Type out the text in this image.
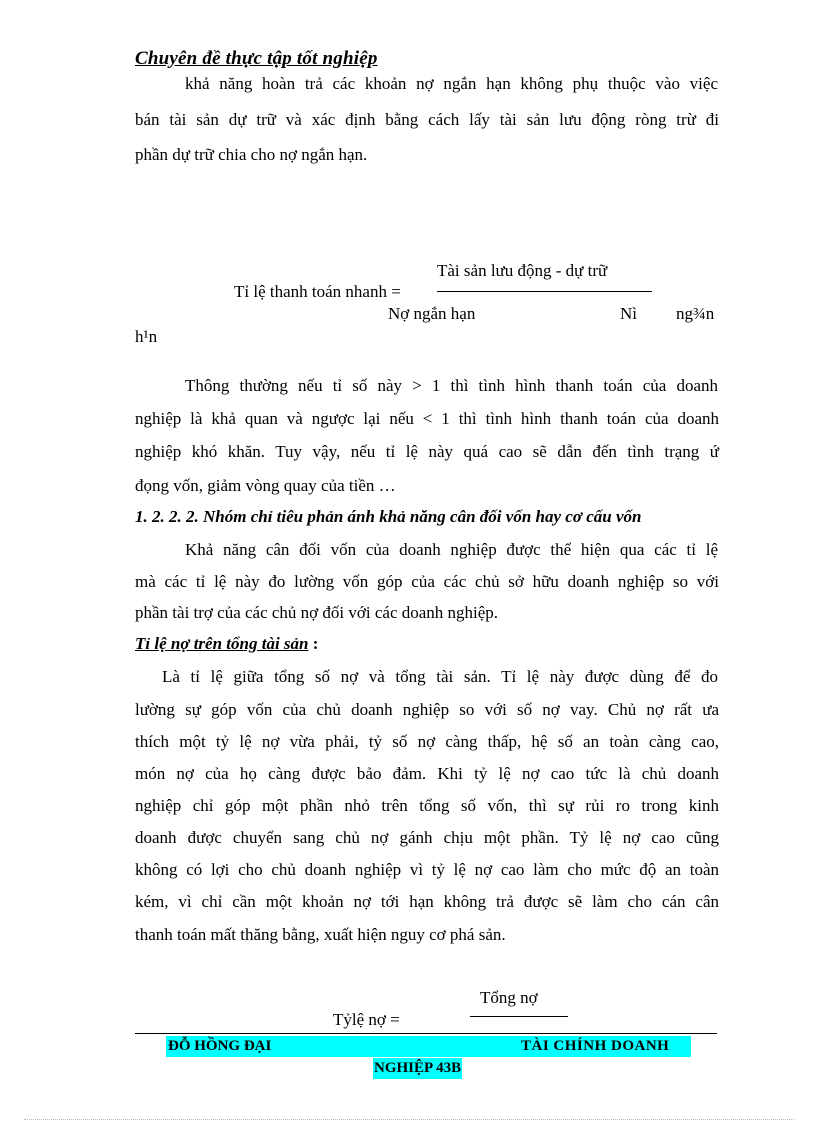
Chuyên đề thực tập tốt nghiệp
khả năng hoàn trả các khoản nợ ngắn hạn không phụ thuộc vào việc
bán tài sản dự trữ và xác định bằng cách lấy tài sản lưu động ròng trừ đi
phần dự trữ chia cho nợ ngắn hạn.
Tài sản lưu động - dự trữ
Tỉ lệ thanh toán nhanh =
Nợ ngắn hạn	Nì ng¾n
h¹n
Thông thường nếu tỉ số này > 1 thì tình hình thanh toán của doanh
nghiệp là khả quan và ngược lại nếu < 1 thì tình hình thanh toán của doanh
nghiệp khó khăn. Tuy vậy, nếu tỉ lệ này quá cao sẽ dẫn đến tình trạng ứ
đọng vốn, giảm vòng quay của tiền …
1. 2. 2. 2. Nhóm chỉ tiêu phản ánh khả năng cân đối vốn hay cơ cấu vốn
Khả năng cân đối vốn của doanh nghiệp được thể hiện qua các tỉ lệ
mà các tỉ lệ này đo lường vốn góp của các chủ sở hữu doanh nghiệp so với
phần tài trợ của các chủ nợ đối với các doanh nghiệp.
Tỉ lệ nợ trên tổng tài sản :
Là tỉ lệ giữa tổng số nợ và tổng tài sản. Tỉ lệ này được dùng để đo
lường sự góp vốn của chủ doanh nghiệp so với số nợ vay. Chủ nợ rất ưa
thích một tỷ lệ nợ vừa phải, tỷ số nợ càng thấp, hệ số an toàn càng cao,
món nợ của họ càng được bảo đảm. Khi tỷ lệ nợ cao tức là chủ doanh
nghiệp chỉ góp một phần nhỏ trên tổng số vốn, thì sự rủi ro trong kinh
doanh được chuyển sang chủ nợ gánh chịu một phần. Tỷ lệ nợ cao cũng
không có lợi cho chủ doanh nghiệp vì tỷ lệ nợ cao làm cho mức độ an toàn
kém, vì chỉ cần một khoản nợ tới hạn không trả được sẽ làm cho cán cân
thanh toán mất thăng bằng, xuất hiện nguy cơ phá sản.
Tổng nợ
Tỷlệ nợ =
ĐỖ HỒNG ĐẠI	TÀI CHÍNH DOANH
NGHIỆP 43B
